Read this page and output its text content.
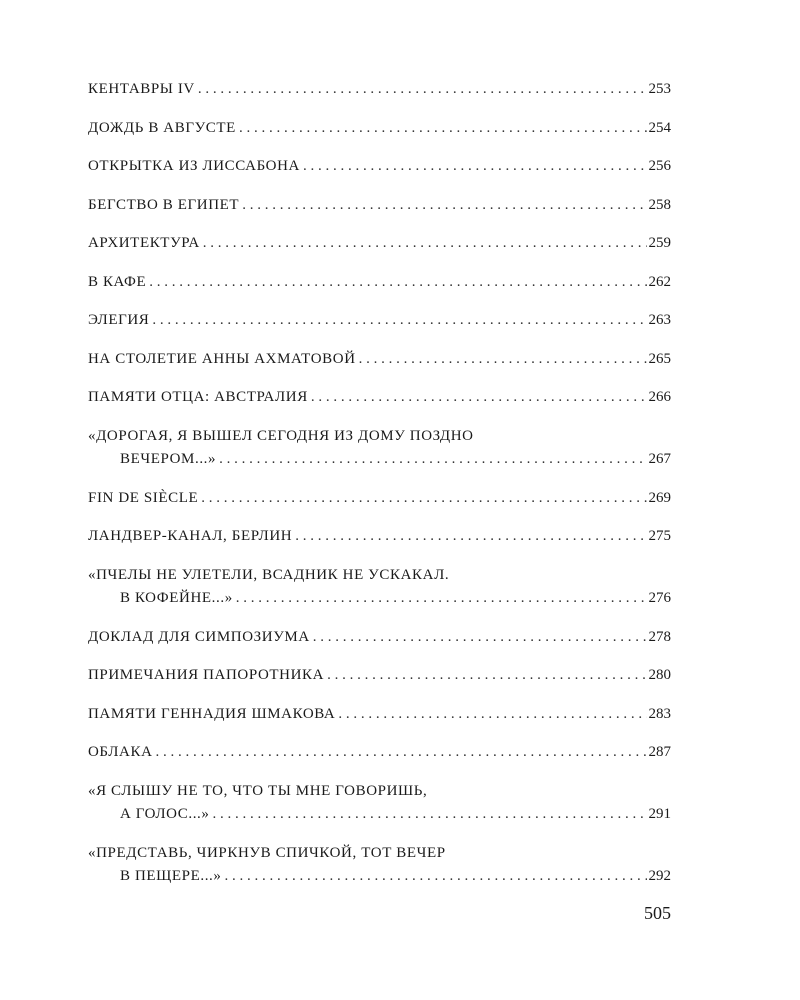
КЕНТАВРЫ IV . . .	253
ДОЖДЬ В АВГУСТЕ . . .	254
ОТКРЫТКА ИЗ ЛИССАБОНА . . .	256
БЕГСТВО В ЕГИПЕТ . . .	258
АРХИТЕКТУРА . . .	259
В КАФЕ . . .	262
ЭЛЕГИЯ . . .	263
НА СТОЛЕТИЕ АННЫ АХМАТОВОЙ . . .	265
ПАМЯТИ ОТЦА: АВСТРАЛИЯ . . .	266
«ДОРОГАЯ, Я ВЫШЕЛ СЕГОДНЯ ИЗ ДОМУ ПОЗДНО
ВЕЧЕРОМ...» . . .	267
FIN DE SIÈCLE . . .	269
ЛАНДВЕР-КАНАЛ, БЕРЛИН . . .	275
«ПЧЕЛЫ НЕ УЛЕТЕЛИ, ВСАДНИК НЕ УСКАКАЛ.
В КОФЕЙНЕ...» . . .	276
ДОКЛАД ДЛЯ СИМПОЗИУМА . . .	278
ПРИМЕЧАНИЯ ПАПОРОТНИКА . . .	280
ПАМЯТИ ГЕННАДИЯ ШМАКОВА . . .	283
ОБЛАКА . . .	287
«Я СЛЫШУ НЕ ТО, ЧТО ТЫ МНЕ ГОВОРИШЬ,
А ГОЛОС...» . . .	291
«ПРЕДСТАВЬ, ЧИРКНУВ СПИЧКОЙ, ТОТ ВЕЧЕР
В ПЕЩЕРЕ...» . . .	292
505
